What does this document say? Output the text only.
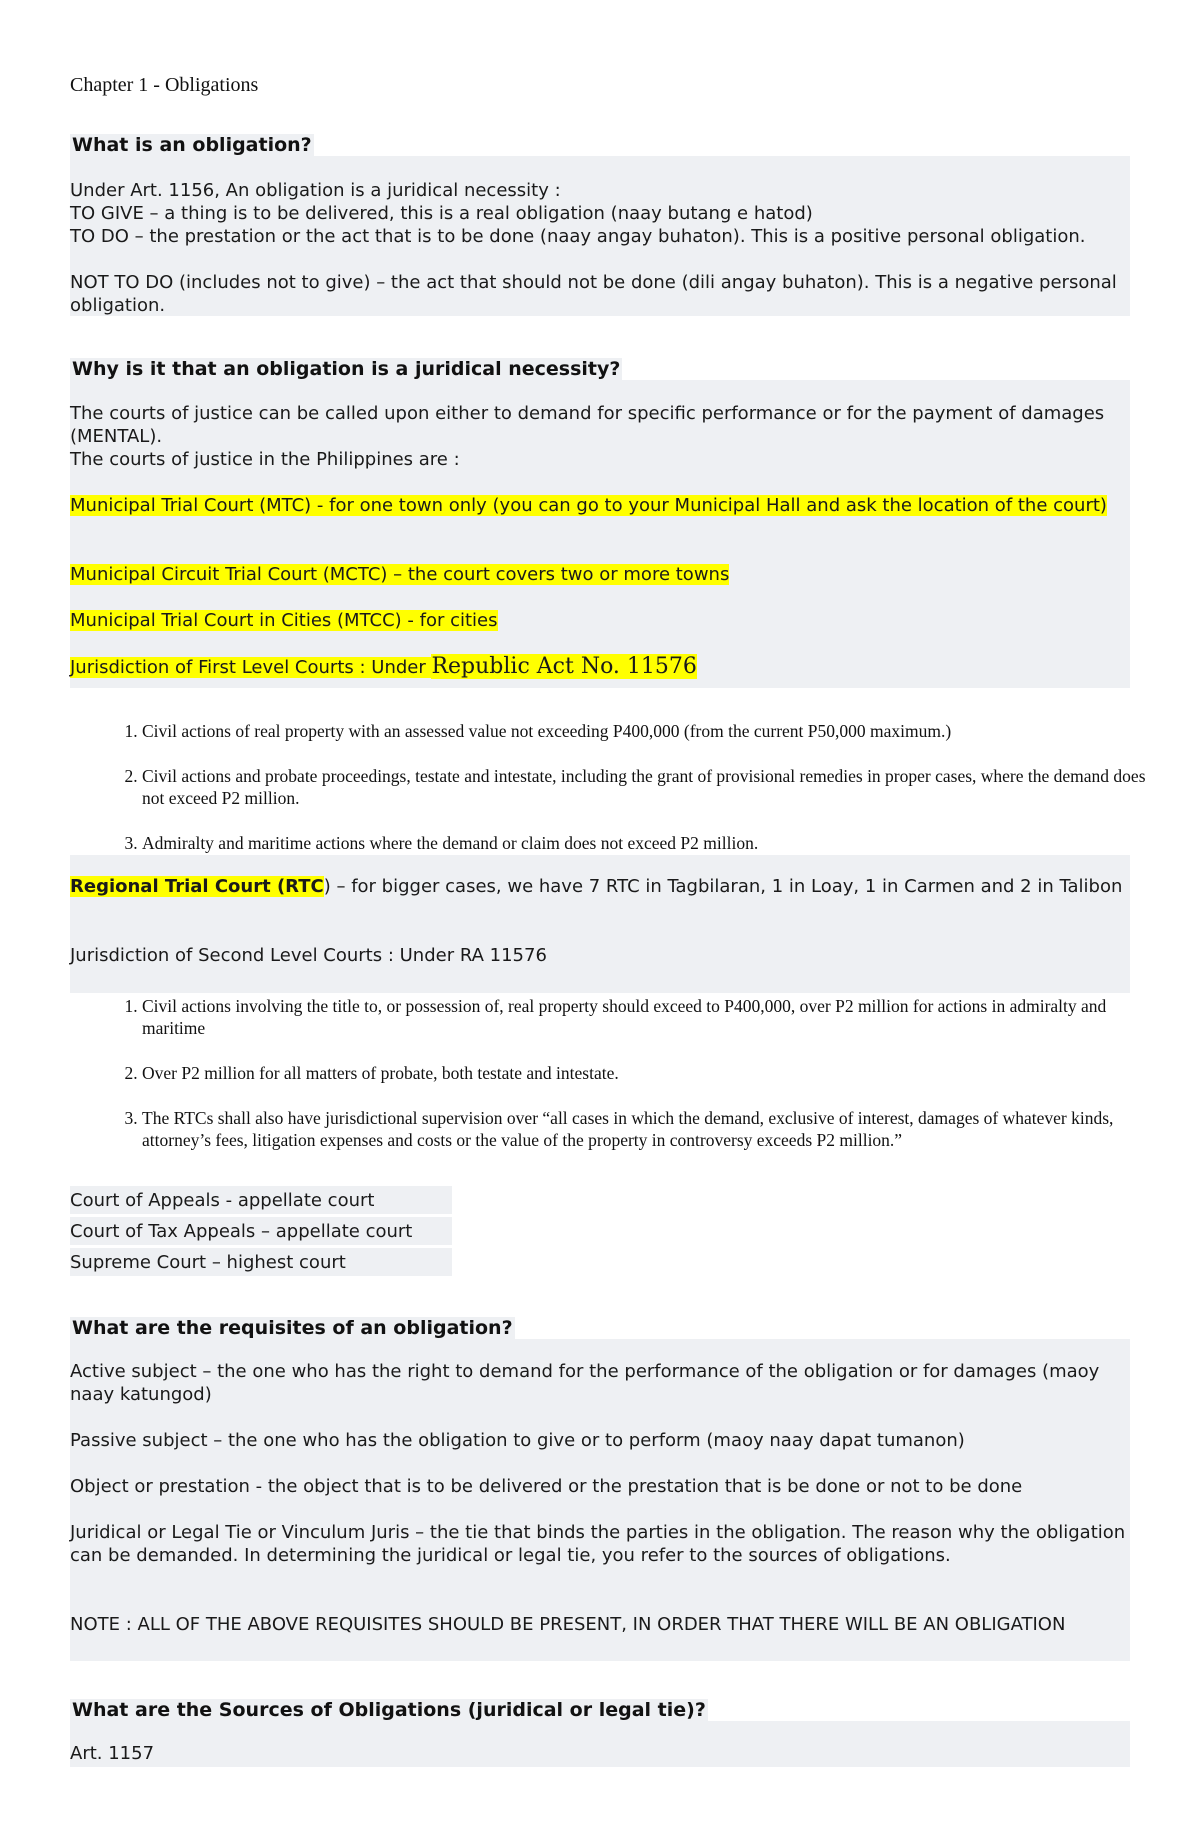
Chapter 1 - Obligations
What is an obligation?
Under Art. 1156, An obligation is a juridical necessity :
TO GIVE – a thing is to be delivered, this is a real obligation (naay butang e hatod)
TO DO – the prestation or the act that is to be done (naay angay buhaton). This is a positive personal obligation.
NOT TO DO (includes not to give) – the act that should not be done (dili angay buhaton). This is a negative personal obligation.
Why is it that an obligation is a juridical necessity?
The courts of justice can be called upon either to demand for specific performance or for the payment of damages (MENTAL).
The courts of justice in the Philippines are :
Municipal Trial Court (MTC) - for one town only (you can go to your Municipal Hall and ask the location of the court)
Municipal Circuit Trial Court (MCTC) – the court covers two or more towns
Municipal Trial Court in Cities (MTCC) - for cities
Jurisdiction of First Level Courts : Under Republic Act No. 11576
1. Civil actions of real property with an assessed value not exceeding P400,000 (from the current P50,000 maximum.)
2. Civil actions and probate proceedings, testate and intestate, including the grant of provisional remedies in proper cases, where the demand does not exceed P2 million.
3. Admiralty and maritime actions where the demand or claim does not exceed P2 million.
Regional Trial Court (RTC) – for bigger cases, we have 7 RTC in Tagbilaran, 1 in Loay, 1 in Carmen and 2 in Talibon
Jurisdiction of Second Level Courts : Under RA 11576
1. Civil actions involving the title to, or possession of, real property should exceed to P400,000, over P2 million for actions in admiralty and maritime
2. Over P2 million for all matters of probate, both testate and intestate.
3. The RTCs shall also have jurisdictional supervision over “all cases in which the demand, exclusive of interest, damages of whatever kinds, attorney’s fees, litigation expenses and costs or the value of the property in controversy exceeds P2 million.”
Court of Appeals - appellate court
Court of Tax Appeals – appellate court
Supreme Court – highest court
What are the requisites of an obligation?
Active subject – the one who has the right to demand for the performance of the obligation or for damages (maoy naay katungod)
Passive subject – the one who has the obligation to give or to perform (maoy naay dapat tumanon)
Object or prestation - the object that is to be delivered or the prestation that is be done or not to be done
Juridical or Legal Tie or Vinculum Juris – the tie that binds the parties in the obligation. The reason why the obligation can be demanded. In determining the juridical or legal tie, you refer to the sources of obligations.
NOTE : ALL OF THE ABOVE REQUISITES SHOULD BE PRESENT, IN ORDER THAT THERE WILL BE AN OBLIGATION
What are the Sources of Obligations (juridical or legal tie)?
Art. 1157
